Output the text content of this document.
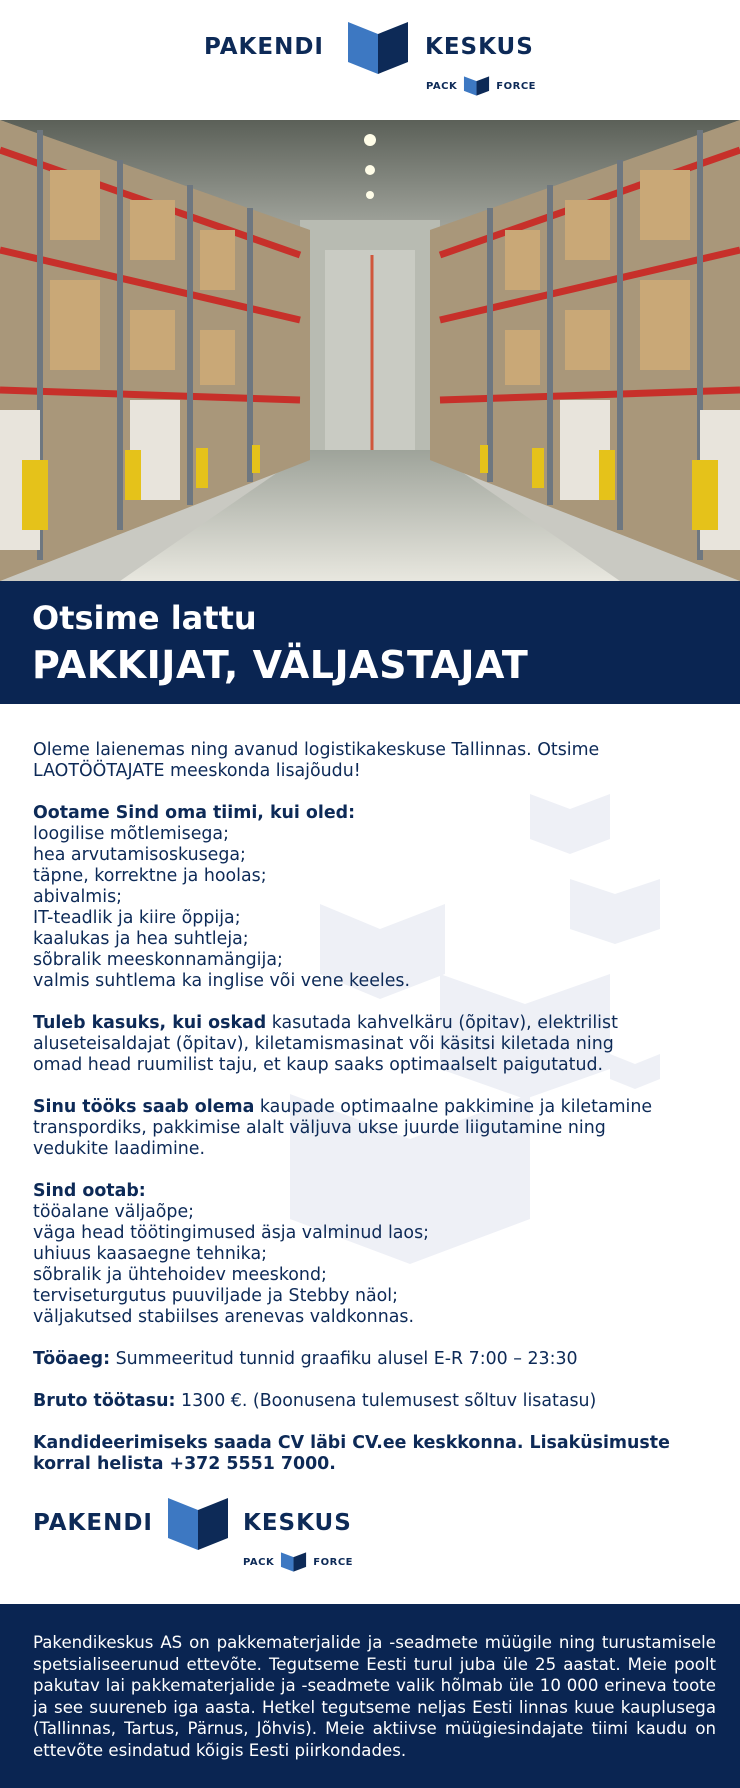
PAKENDI	KESKUS
PACK	FORCE
Otsime lattu
PAKKIJAT, VÄLJASTAJAT

Oleme laienemas ning avanud logistikakeskuse Tallinnas. Otsime
LAOTÖÖTAJATE meeskonda lisajõudu!

Ootame Sind oma tiimi, kui oled:
loogilise mõtlemisega;
hea arvutamisoskusega;
täpne, korrektne ja hoolas;
abivalmis;
IT-teadlik ja kiire õppija;
kaalukas ja hea suhtleja;
sõbralik meeskonnamängija;
valmis suhtlema ka inglise või vene keeles.

Tuleb kasuks, kui oskad kasutada kahvelkäru (õpitav), elektrilist
aluseteisaldajat (õpitav), kiletamismasinat või käsitsi kiletada ning
omad head ruumilist taju, et kaup saaks optimaalselt paigutatud.

Sinu tööks saab olema kaupade optimaalne pakkimine ja kiletamine
transpordiks, pakkimise alalt väljuva ukse juurde liigutamine ning
vedukite laadimine.

Sind ootab:
tööalane väljaõpe;
väga head töötingimused äsja valminud laos;
uhiuus kaasaegne tehnika;
sõbralik ja ühtehoidev meeskond;
terviseturgutus puuviljade ja Stebby näol;
väljakutsed stabiilses arenevas valdkonnas.

Tööaeg: Summeeritud tunnid graafiku alusel E-R 7:00 – 23:30

Bruto töötasu: 1300 €. (Boonusena tulemusest sõltuv lisatasu)

Kandideerimiseks saada CV läbi CV.ee keskkonna. Lisaküsimuste
korral helista +372 5551 7000.

PAKENDI	KESKUS
PACK	FORCE
Pakendikeskus AS on pakkematerjalide ja -seadmete müügile ning turustamisele spetsialiseerunud ettevõte. Tegutseme Eesti turul juba üle 25 aastat. Meie poolt pakutav lai pakkematerjalide ja -seadmete valik hõlmab üle 10 000 erineva toote ja see suureneb iga aasta. Hetkel tegutseme neljas Eesti linnas kuue kauplusega (Tallinnas, Tartus, Pärnus, Jõhvis). Meie aktiivse müügiesindajate tiimi kaudu on ettevõte esindatud kõigis Eesti piirkondades.
